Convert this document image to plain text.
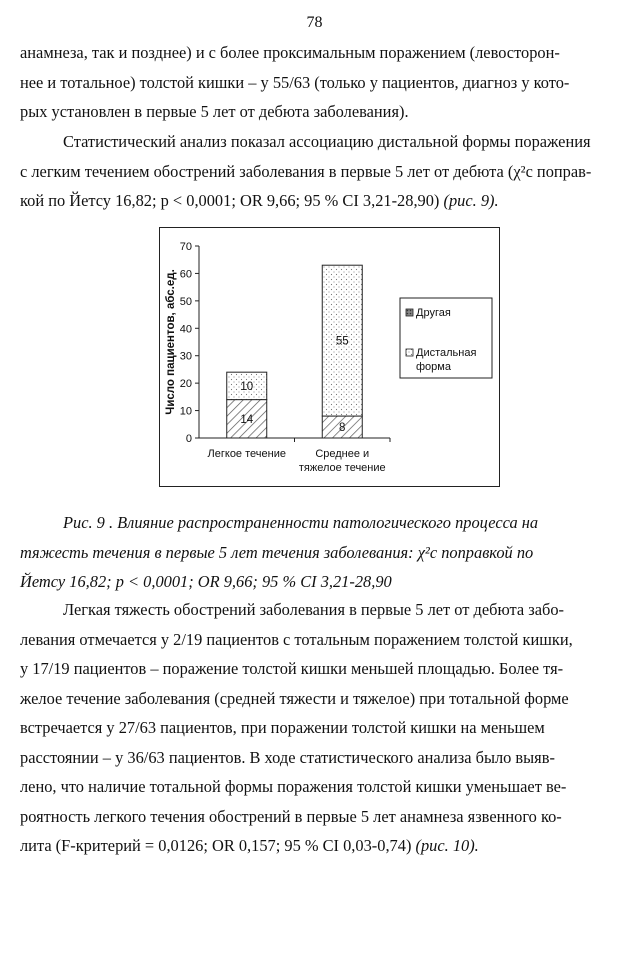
78
анамнеза, так и позднее) и с более проксимальным поражением (левосторон-
нее и тотальное) толстой кишки – у 55/63 (только у пациентов, диагноз у кото-
рых установлен в первые 5 лет от дебюта заболевания).
Статистический анализ показал ассоциацию дистальной формы поражения
с легким течением обострений заболевания в первые 5 лет от дебюта (χ²c поправ-
кой по Йетсу 16,82; p < 0,0001; OR 9,66; 95 % CI 3,21-28,90) (рис. 9).
0
10
20
30
40
50
60
70
Число пациентов, абс.ед.
14
10
Легкое течение
8
55
Среднее и
тяжелое течение
Другая
Дистальная
форма
Рис. 9 . Влияние распространенности патологического процесса на
тяжесть течения в первые 5 лет течения заболевания: χ²c поправкой по
Йетсу 16,82; p < 0,0001; OR 9,66; 95 % CI 3,21-28,90
Легкая тяжесть обострений заболевания в первые 5 лет от дебюта забо-
левания отмечается у 2/19 пациентов с тотальным поражением толстой кишки,
у 17/19 пациентов – поражение толстой кишки меньшей площадью. Более тя-
желое течение заболевания (средней тяжести и тяжелое) при тотальной форме
встречается у 27/63 пациентов, при поражении толстой кишки на меньшем
расстоянии – у 36/63 пациентов. В ходе статистического анализа было выяв-
лено, что наличие тотальной формы поражения толстой кишки уменьшает ве-
роятность легкого течения обострений в первые 5 лет анамнеза язвенного ко-
лита (F-критерий = 0,0126; OR 0,157; 95 % CI 0,03-0,74) (рис. 10).
